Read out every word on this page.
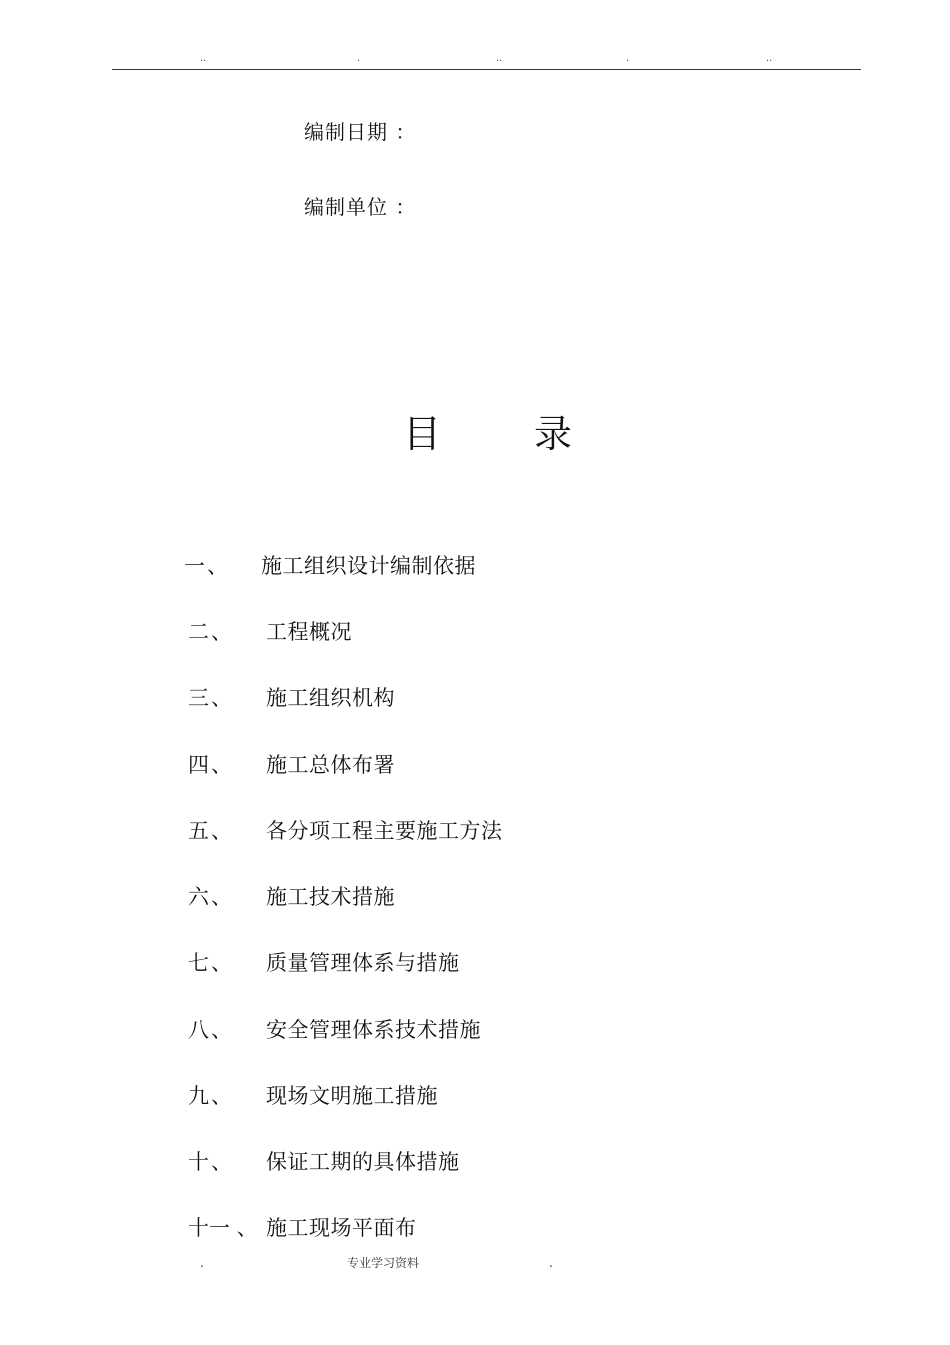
..	.	..	.	..
编制日期 ：
编制单位 ：
目 录
一、 施工组织设计编制依据
二、 工程概况
三、 施工组织机构
四、 施工总体布署
五、 各分项工程主要施工方法
六、 施工技术措施
七、 质量管理体系与措施
八、 安全管理体系技术措施
九、 现场文明施工措施
十、 保证工期的具体措施
十一 、 施工现场平面布
.	专业学习资料	.
